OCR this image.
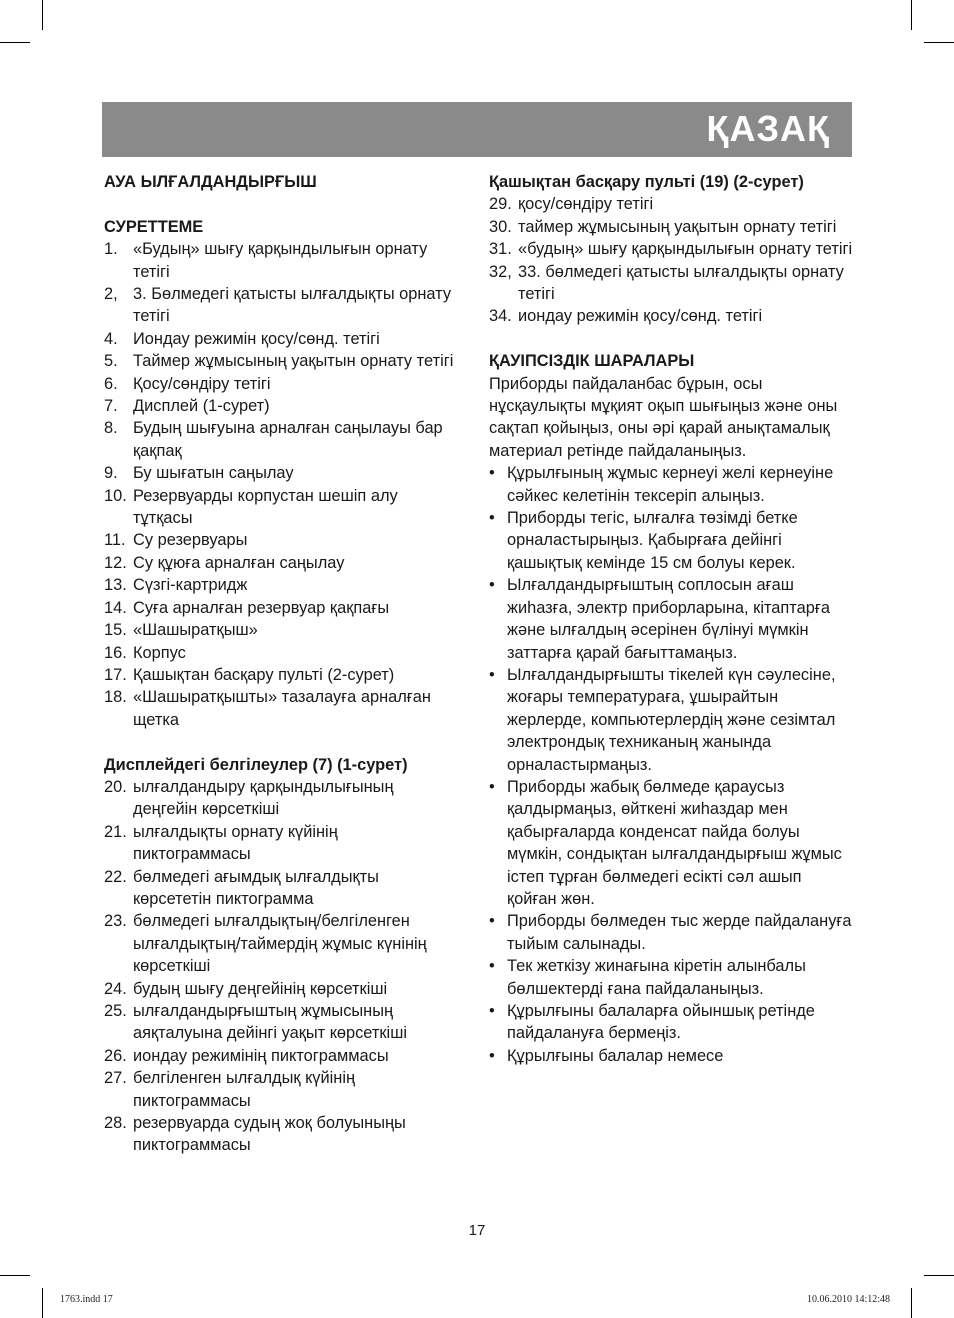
ҚАЗАҚ
АУА ЫЛҒАЛДАНДЫРҒЫШ
СУРЕТТЕМЕ
1. «Будың» шығу қарқындылығын орнату тетігі
2, 3. Бөлмедегі қатысты ылғалдықты орнату тетігі
4. Иондау режимін қосу/сөнд. тетігі
5. Таймер жұмысының уақытын орнату тетігі
6. Қосу/сөндіру тетігі
7. Дисплей (1-сурет)
8. Будың шығуына арналған саңылауы бар қақпақ
9. Бу шығатын саңылау
10. Резервуарды корпустан шешіп алу тұтқасы
11. Су резервуары
12. Су құюға арналған саңылау
13. Сүзгі-картридж
14. Суға арналған резервуар қақпағы
15. «Шашыратқыш»
16. Корпус
17. Қашықтан басқару пульті (2-сурет)
18. «Шашыратқышты» тазалауға арналған щетка
Дисплейдегі белгілеулер (7) (1-сурет)
20. ылғалдандыру қарқындылығының деңгейін көрсеткіші
21. ылғалдықты орнату күйінің пиктограммасы
22. бөлмедегі ағымдық ылғалдықты көрсететін пиктограмма
23. бөлмедегі ылғалдықтың/белгіленген ылғалдықтың/таймердің жұмыс күнінің көрсеткіші
24. будың шығу деңгейінің көрсеткіші
25. ылғалдандырғыштың жұмысының аяқталуына дейінгі уақыт көрсеткіші
26. иондау режимінің пиктограммасы
27. белгіленген ылғалдық күйінің пиктограммасы
28. резервуарда судың жоқ болуыныңы пиктограммасы
Қашықтан басқару пульті (19) (2-сурет)
29. қосу/сөндіру тетігі
30. таймер жұмысының уақытын орнату тетігі
31. «будың» шығу қарқындылығын орнату тетігі
32, 33. бөлмедегі қатысты ылғалдықты орнату тетігі
34. иондау режимін қосу/сөнд. тетігі
ҚАУІПСІЗДІК ШАРАЛАРЫ
Приборды пайдаланбас бұрын, осы нұсқаулықты мұқият оқып шығыңыз және оны сақтап қойыңыз, оны әрі қарай анықтамалық материал ретінде пайдаланыңыз.
• Құрылғының жұмыс кернеуі желі кернеуіне сәйкес келетінін тексеріп алыңыз.
• Приборды тегіс, ылғалға төзімді бетке орналастырыңыз. Қабырғаға дейінгі қашықтық кемінде 15 см болуы керек.
• Ылғалдандырғыштың соплосын ағаш жиһазға, электр приборларына, кітаптарға және ылғалдың әсерінен бүлінуі мүмкін заттарға қарай бағыттамаңыз.
• Ылғалдандырғышты тікелей күн сәулесіне, жоғары температураға, ұшырайтын жерлерде, компьютерлердің және сезімтал электрондық техниканың жанында орналастырмаңыз.
• Приборды жабық бөлмеде қараусыз қалдырмаңыз, өйткені жиһаздар мен қабырғаларда конденсат пайда болуы мүмкін, сондықтан ылғалдандырғыш жұмыс істеп тұрған бөлмедегі есікті сәл ашып қойған жөн.
• Приборды бөлмеден тыс жерде пайдалануға тыйым салынады.
• Тек жеткізу жинағына кіретін алынбалы бөлшектерді ғана пайдаланыңыз.
• Құрылғыны балаларға ойыншық ретінде пайдалануға бермеңіз.
• Құрылғыны балалар немесе
17
1763.indd 17	10.06.2010 14:12:48
